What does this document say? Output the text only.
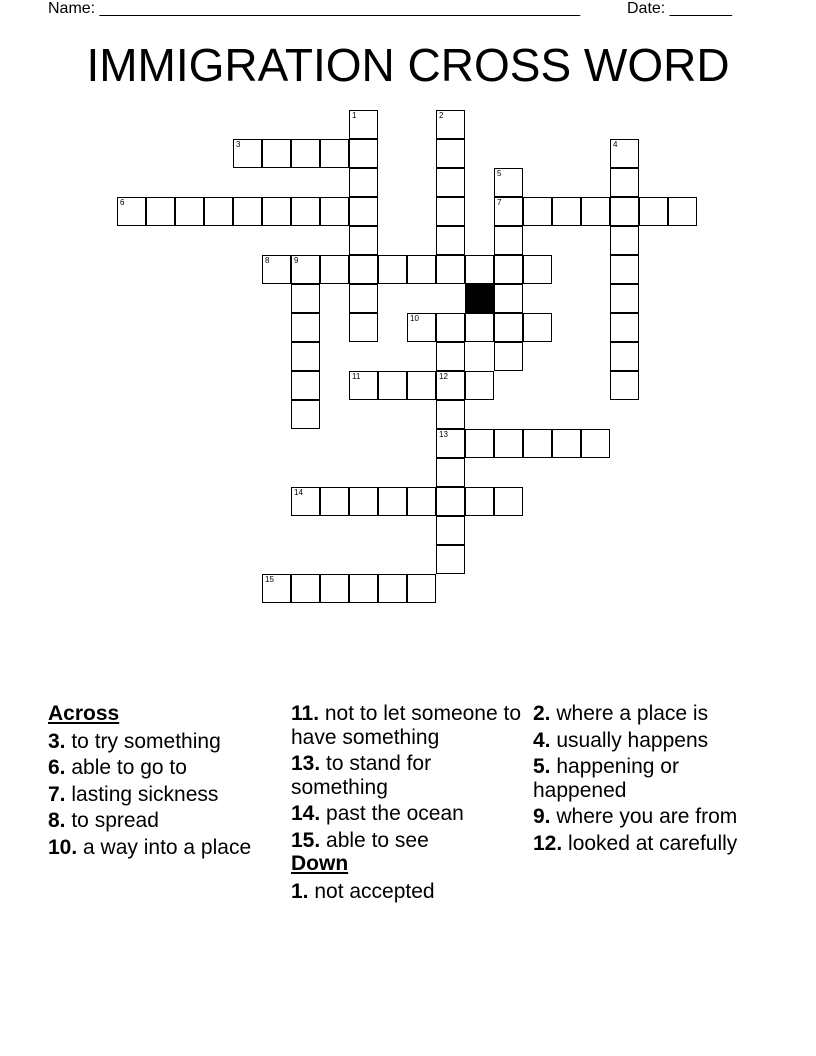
Name: ______________________________________________________	Date: _______
IMMIGRATION CROSS WORD
1	2
3
6
5
7
4
8	9
10
11	12
13
14
15
Across
3. to try something
6. able to go to
7. lasting sickness
8. to spread
10. a way into a place
11. not to let someone to have something
13. to stand for something
14. past the ocean
15. able to see
Down
1. not accepted
2. where a place is
4. usually happens
5. happening or happened
9. where you are from
12. looked at carefully
